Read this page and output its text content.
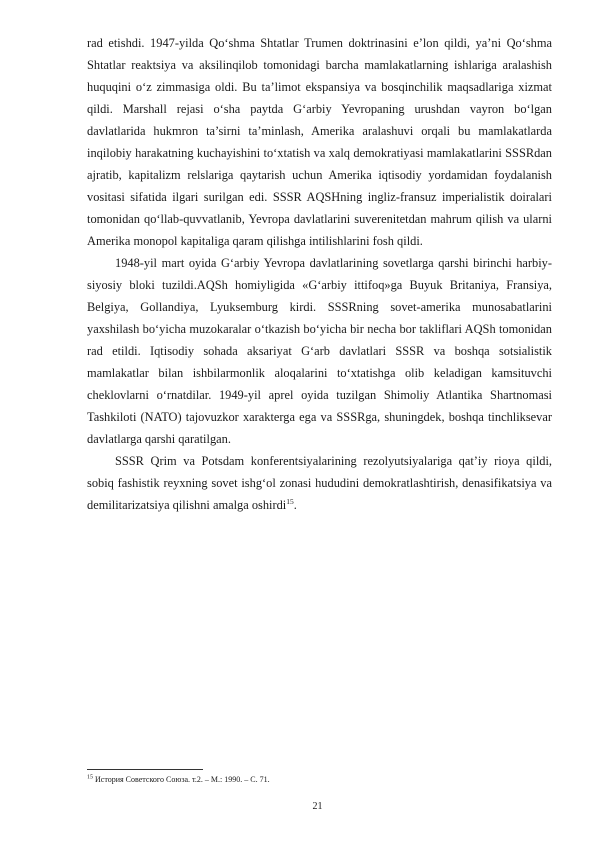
rad etishdi. 1947-yilda Qo‘shma Shtatlar Trumen doktrinasini e’lon qildi, ya’ni Qo‘shma Shtatlar reaktsiya va aksilinqilob tomonidagi barcha mamlakatlarning ishlariga aralashish huquqini o‘z zimmasiga oldi. Bu ta’limot ekspansiya va bosqinchilik maqsadlariga xizmat qildi. Marshall rejasi o‘sha paytda G‘arbiy Yevropaning urushdan vayron bo‘lgan davlatlarida hukmron ta’sirni ta’minlash, Amerika aralashuvi orqali bu mamlakatlarda inqilobiy harakatning kuchayishini to‘xtatish va xalq demokratiyasi mamlakatlarini SSSRdan ajratib, kapitalizm relslariga qaytarish uchun Amerika iqtisodiy yordamidan foydalanish vositasi sifatida ilgari surilgan edi. SSSR AQSHning ingliz-fransuz imperialistik doiralari tomonidan qo‘llab-quvvatlanib, Yevropa davlatlarini suverenitetdan mahrum qilish va ularni Amerika monopol kapitaliga qaram qilishga intilishlarini fosh qildi.

1948-yil mart oyida G‘arbiy Yevropa davlatlarining sovetlarga qarshi birinchi harbiy-siyosiy bloki tuzildi.AQSh homiyligida «G‘arbiy ittifoq»ga Buyuk Britaniya, Fransiya, Belgiya, Gollandiya, Lyuksemburg kirdi. SSSRning sovet-amerika munosabatlarini yaxshilash bo‘yicha muzokaralar o‘tkazish bo‘yicha bir necha bor takliflari AQSh tomonidan rad etildi. Iqtisodiy sohada aksariyat G‘arb davlatlari SSSR va boshqa sotsialistik mamlakatlar bilan ishbilarmonlik aloqalarini to‘xtatishga olib keladigan kamsituvchi cheklovlarni o‘rnatdilar. 1949-yil aprel oyida tuzilgan Shimoliy Atlantika Shartnomasi Tashkiloti (NATO) tajovuzkor xarakterga ega va SSSRga, shuningdek, boshqa tinchliksevar davlatlarga qarshi qaratilgan.

SSSR Qrim va Potsdam konferentsiyalarining rezolyutsiyalariga qat’iy rioya qildi, sobiq fashistik reyxning sovet ishg‘ol zonasi hududini demokratlashtirish, denasifikatsiya va demilitarizatsiya qilishni amalga oshirdi$^{15}$.

$^{15}$ История Советского Союза. т.2. – М.: 1990. – С. 71.
21
